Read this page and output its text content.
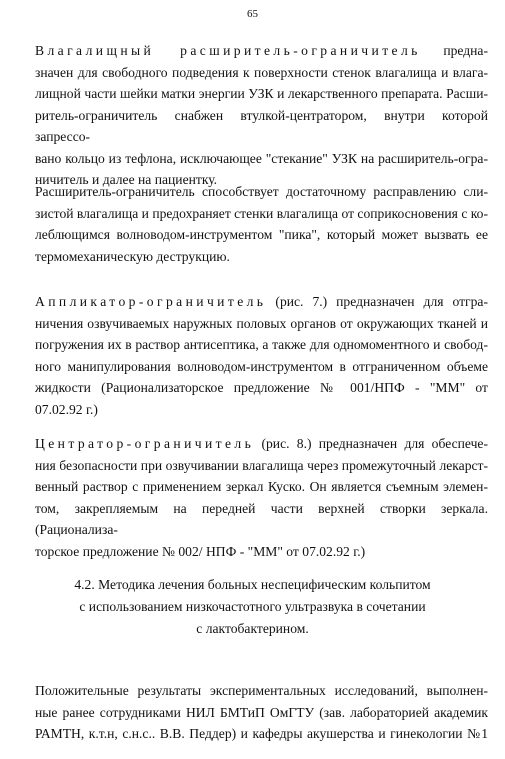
65
Влагалищный расширитель-ограничитель предна-
значен для свободного подведения к поверхности стенок влагалища и влага-
лищной части шейки матки энергии УЗК и лекарственного препарата. Расши-
ритель-ограничитель снабжен втулкой-центратором, внутри которой запрессо-
вано кольцо из тефлона, исключающее "стекание" УЗК на расширитель-огра-
ничитель и далее на пациентку.
Расширитель-ограничитель способствует достаточному расправлению сли-
зистой влагалища и предохраняет стенки влагалища от соприкосновения с ко-
леблющимся волноводом-инструментом "пика", который может вызвать ее
термомеханическую деструкцию.
Аппликатор-ограничитель (рис. 7.) предназначен для отгра-
ничения озвучиваемых наружных половых органов от окружающих тканей и
погружения их в раствор антисептика, а также для одномоментного и свобод-
ного манипулирования волноводом-инструментом в отграниченном объеме
жидкости (Рационализаторское предложение № 001/НПФ - "ММ" от
07.02.92 г.)
Центратор-ограничитель (рис. 8.) предназначен для обеспече-
ния безопасности при озвучивании влагалища через промежуточный лекарст-
венный раствор с применением зеркал Куско. Он является съемным элемен-
том, закрепляемым на передней части верхней створки зеркала. (Рационализа-
торское предложение № 002/ НПФ - "ММ" от 07.02.92 г.)
4.2. Методика лечения больных неспецифическим кольпитом
с использованием низкочастотного ультразвука в сочетании
с лактобактерином.
Положительные результаты экспериментальных исследований, выполнен-
ные ранее сотрудниками НИЛ БМТиП ОмГТУ (зав. лабораторией академик
РАМТН, к.т.н, с.н.с.. В.В. Педдер) и кафедры акушерства и гинекологии №1
